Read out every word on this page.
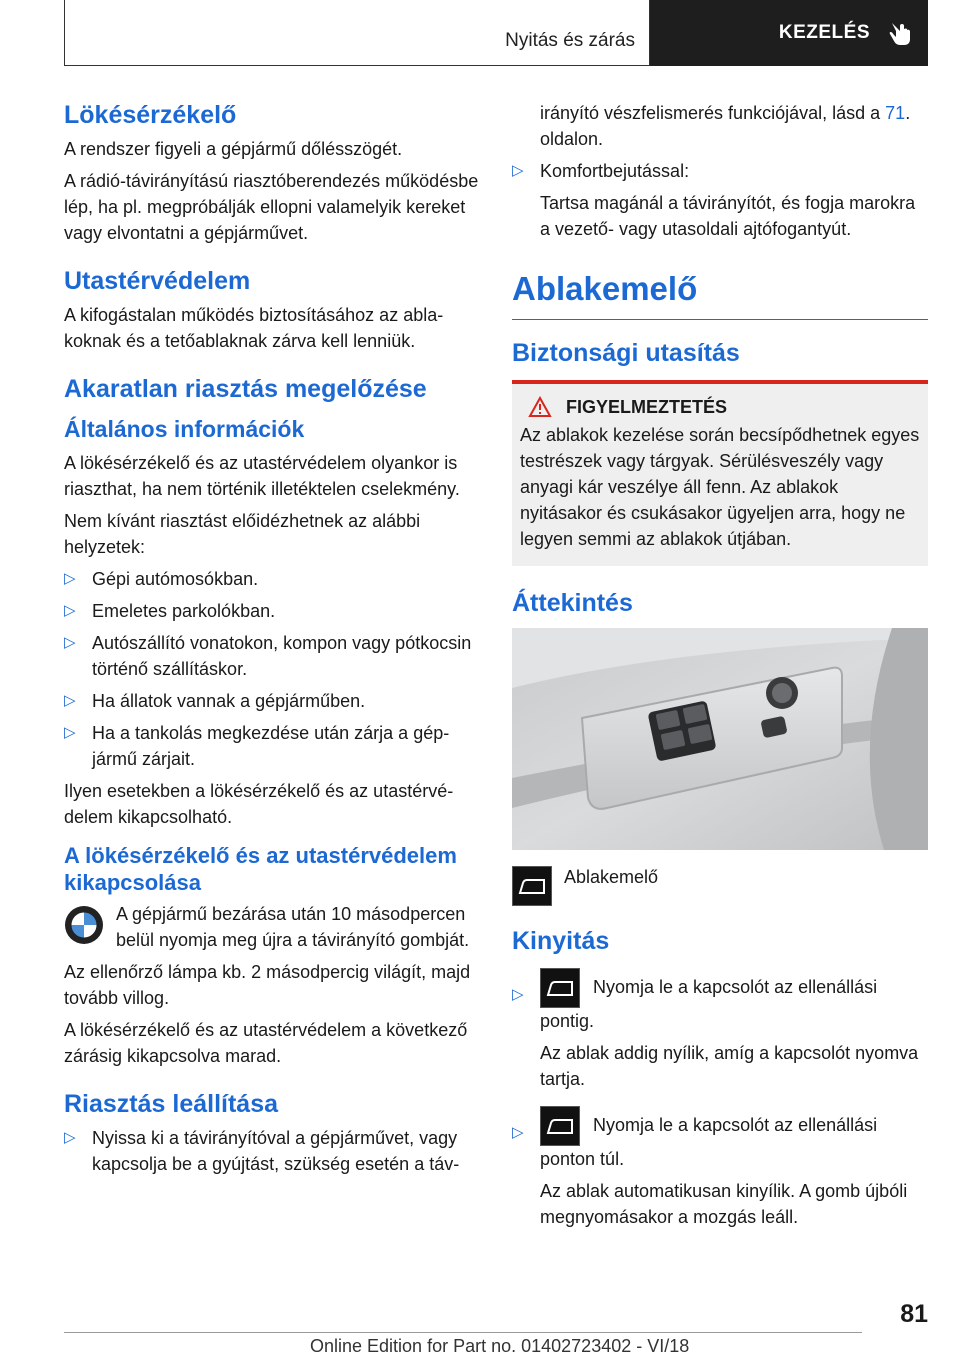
Nyitás és zárás	KEZELÉS
Lökésérzékelő

A rendszer figyeli a gépjármű dőlésszögét.

A rádió-távirányítású riasztóberendezés működésbe lép, ha pl. megpróbálják ellopni valamelyik kereket vagy elvontatni a gépjárművet.

Utastérvédelem

A kifogástalan működés biztosításához az ablakoknak és a tetőablaknak zárva kell lenniük.

Akaratlan riasztás megelőzése
Általános információk

A lökésérzékelő és az utastérvédelem olyankor is riaszthat, ha nem történik illetéktelen cselekmény.

Nem kívánt riasztást előidézhetnek az alábbi helyzetek:

▷ Gépi autómosókban.
▷ Emeletes parkolókban.
▷ Autószállító vonatokon, kompon vagy pótkocsin történő szállításkor.
▷ Ha állatok vannak a gépjárműben.
▷ Ha a tankolás megkezdése után zárja a gépjármű zárjait.

Ilyen esetekben a lökésérzékelő és az utastérvédelem kikapcsolható.

A lökésérzékelő és az utastérvédelem kikapcsolása
A gépjármű bezárása után 10 másodpercen belül nyomja meg újra a távirányító gombját.

Az ellenőrző lámpa kb. 2 másodpercig világít, majd tovább villog.

A lökésérzékelő és az utastérvédelem a következő zárásig kikapcsolva marad.

Riasztás leállítása
▷ Nyissa ki a távirányítóval a gépjárművet, vagy kapcsolja be a gyújtást, szükség esetén a táv-

irányító vészfelismerés funkciójával, lásd a 71.
oldalon.

▷ Komfortbejutással:
Tartsa magánál a távirányítót, és fogja marokra a vezető- vagy utasoldali ajtófogantyút.
Ablakemelő
Biztonsági utasítás
FIGYELMEZTETÉS

Az ablakok kezelése során becsípődhetnek egyes testrészek vagy tárgyak. Sérülésveszély vagy anyagi kár veszélye áll fenn. Az ablakok nyitásakor és csukásakor ügyeljen arra, hogy ne legyen semmi az ablakok útjában.

Áttekintés
Ablakemelő
Kinyitás
▷	Nyomja le a kapcsolót az ellenállási pontig.
Az ablak addig nyílik, amíg a kapcsolót nyomva tartja.
▷	Nyomja le a kapcsolót az ellenállási ponton túl.
Az ablak automatikusan kinyílik. A gomb újbóli megnyomásakor a mozgás leáll.
81
Online Edition for Part no. 01402723402 - VI/18
